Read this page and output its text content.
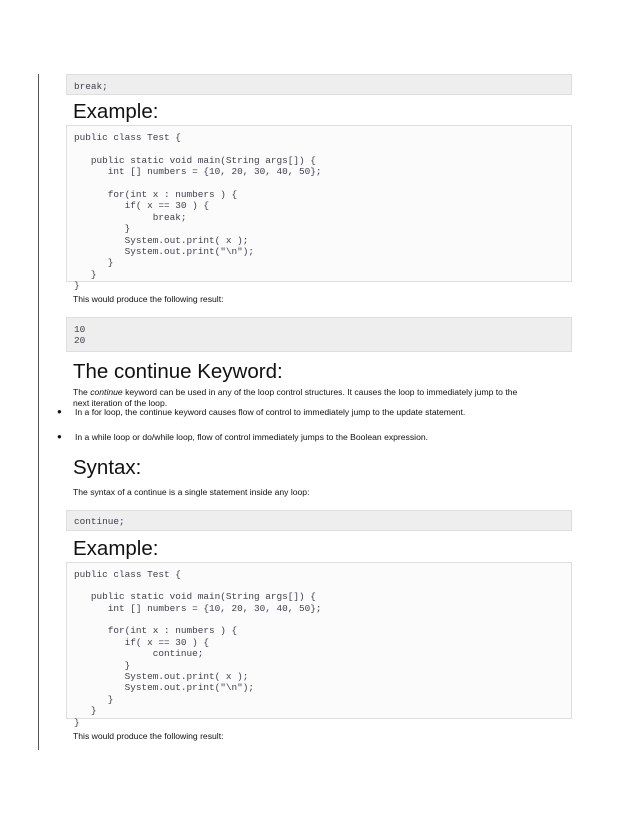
break;
Example:
public class Test {
public static void main(String args[]) {
int [] numbers = {10, 20, 30, 40, 50};
for(int x : numbers ) {
if( x == 30 ) {
break;
}
System.out.print( x );
System.out.print("\n");
}
}
}
This would produce the following result:
10
20
The continue Keyword:
The continue keyword can be used in any of the loop control structures. It causes the loop to immediately jump to the
next iteration of the loop.
● In a for loop, the continue keyword causes flow of control to immediately jump to the update statement.
● In a while loop or do/while loop, flow of control immediately jumps to the Boolean expression.
Syntax:
The syntax of a continue is a single statement inside any loop:
continue;
Example:
public class Test {
public static void main(String args[]) {
int [] numbers = {10, 20, 30, 40, 50};
for(int x : numbers ) {
if( x == 30 ) {
continue;
}
System.out.print( x );
System.out.print("\n");
}
}
}
This would produce the following result:
